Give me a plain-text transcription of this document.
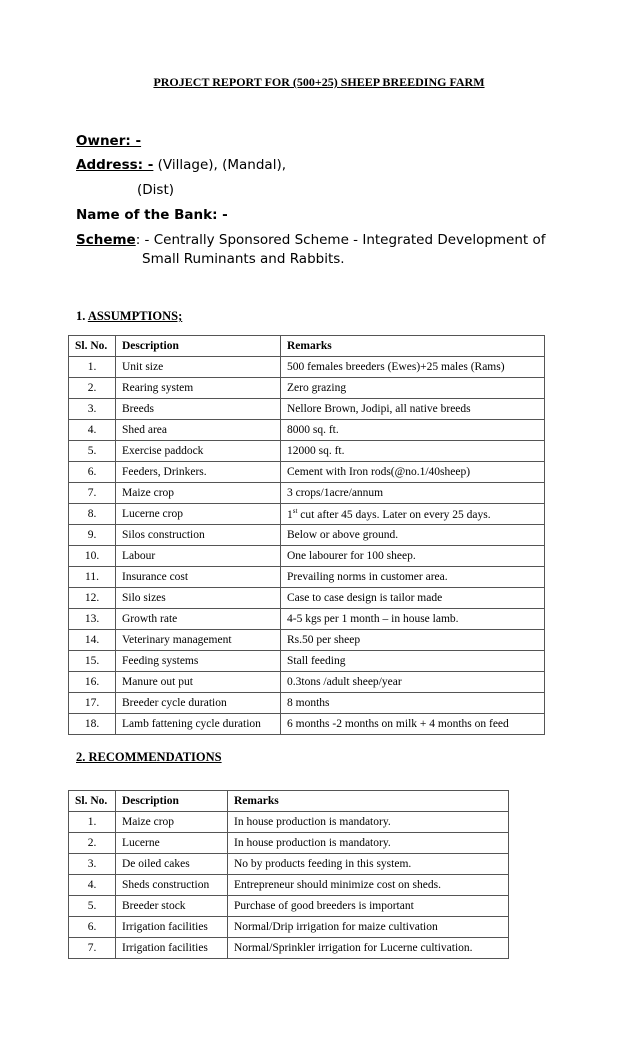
PROJECT REPORT FOR (500+25) SHEEP BREEDING FARM
Owner: -
Address: - (Village), (Mandal),
(Dist)
Name of the Bank: -
Scheme: - Centrally Sponsored Scheme - Integrated Development of
Small Ruminants and Rabbits.
1. ASSUMPTIONS;
Sl. No.	Description	Remarks
1.	Unit size	500 females breeders (Ewes)+25 males (Rams)
2.	Rearing system	Zero grazing
3.	Breeds	Nellore Brown, Jodipi, all native breeds
4.	Shed area	8000 sq. ft.
5.	Exercise paddock	12000 sq. ft.
6.	Feeders, Drinkers.	Cement with Iron rods(@no.1/40sheep)
7.	Maize crop	3 crops/1acre/annum
8.	Lucerne crop	1st cut after 45 days. Later on every 25 days.
9.	Silos construction	Below or above ground.
10.	Labour	One labourer for 100 sheep.
11.	Insurance cost	Prevailing norms in customer area.
12.	Silo sizes	Case to case design is tailor made
13.	Growth rate	4-5 kgs per 1 month – in house lamb.
14.	Veterinary management	Rs.50 per sheep
15.	Feeding systems	Stall feeding
16.	Manure out put	0.3tons /adult sheep/year
17.	Breeder cycle duration	8 months
18.	Lamb fattening cycle duration	6 months -2 months on milk + 4 months on feed
2. RECOMMENDATIONS
Sl. No.	Description	Remarks
1.	Maize crop	In house production is mandatory.
2.	Lucerne	In house production is mandatory.
3.	De oiled cakes	No by products feeding in this system.
4.	Sheds construction	Entrepreneur should minimize cost on sheds.
5.	Breeder stock	Purchase of good breeders is important
6.	Irrigation facilities	Normal/Drip irrigation for maize cultivation
7.	Irrigation facilities	Normal/Sprinkler irrigation for Lucerne cultivation.
